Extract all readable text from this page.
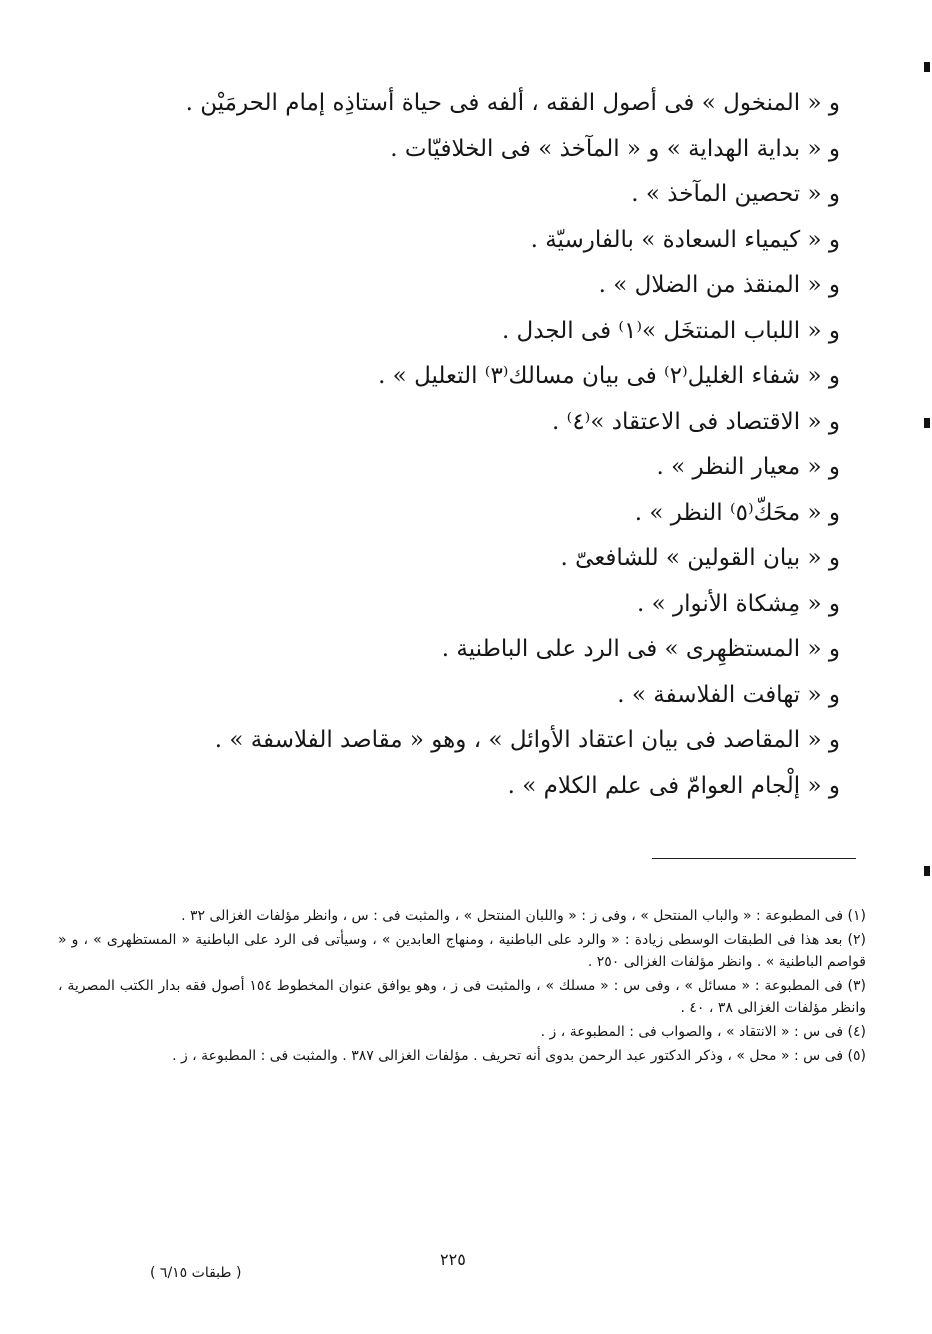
و « المنخول » فى أصول الفقه ، ألفه فى حياة أستاذِه إمام الحرمَيْن .
و « بداية الهداية » و « المآخذ » فى الخلافيّات .
و « تحصين المآخذ » .
و « كيمياء السعادة » بالفارسيّة .
و « المنقذ من الضلال » .
و « اللباب المنتخَل »⁽١⁾ فى الجدل .
و « شفاء الغليل⁽٢⁾ فى بيان مسالك⁽٣⁾ التعليل » .
و « الاقتصاد فى الاعتقاد »⁽٤⁾ .
و « معيار النظر » .
و « محَكّ⁽٥⁾ النظر » .
و « بيان القولين » للشافعىّ .
و « مِشكاة الأنوار » .
و « المستظهِرى » فى الرد على الباطنية .
و « تهافت الفلاسفة » .
و « المقاصد فى بيان اعتقاد الأوائل » ، وهو « مقاصد الفلاسفة » .
و « إلْجام العوامّ فى علم الكلام » .
(١) فى المطبوعة : « والباب المنتحل » ، وفى ز : « واللبان المنتحل » ، والمثبت فى : س ، وانظر مؤلفات الغزالى ٣٢ .
(٢) بعد هذا فى الطبقات الوسطى زيادة : « والرد على الباطنية ، ومنهاج العابدين » ، وسيأتى فى الرد على الباطنية « المستظهرى » ، و « قواصم الباطنية » . وانظر مؤلفات الغزالى ٢٥٠ .
(٣) فى المطبوعة : « مسائل » ، وفى س : « مسلك » ، والمثبت فى ز ، وهو يوافق عنوان المخطوط ١٥٤ أصول فقه بدار الكتب المصرية ، وانظر مؤلفات الغزالى ٣٨ ، ٤٠ .
(٤) فى س : « الانتقاد » ، والصواب فى : المطبوعة ، ز .
(٥) فى س : « محل » ، وذكر الدكتور عبد الرحمن بدوى أنه تحريف . مؤلفات الغزالى ٣٨٧ . والمثبت فى : المطبوعة ، ز .
٢٢٥
( طبقات ٦/١٥ )
